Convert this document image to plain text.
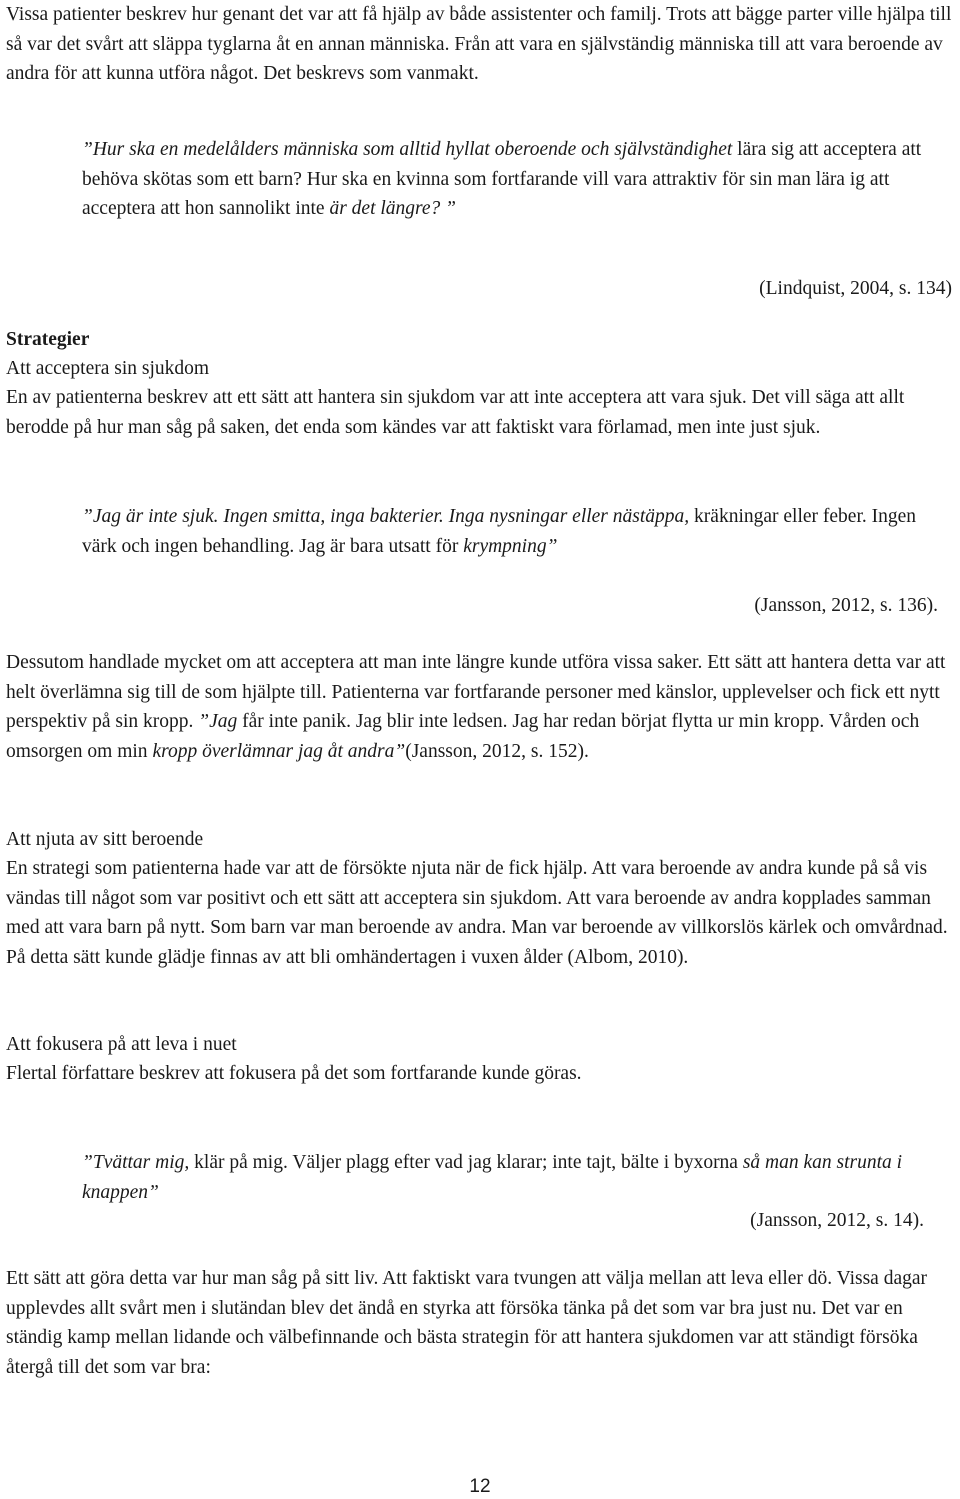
Vissa patienter beskrev hur genant det var att få hjälp av både assistenter och familj. Trots att bägge parter ville hjälpa till så var det svårt att släppa tyglarna åt en annan människa. Från att vara en självständig människa till att vara beroende av andra för att kunna utföra något. Det beskrevs som vanmakt.

”Hur ska en medelålders människa som alltid hyllat oberoende och självständighet lära sig att acceptera att behöva skötas som ett barn? Hur ska en kvinna som fortfarande vill vara attraktiv för sin man lära ig att acceptera att hon sannolikt inte är det längre? ”

(Lindquist, 2004, s. 134)

Strategier

Att acceptera sin sjukdom

En av patienterna beskrev att ett sätt att hantera sin sjukdom var att inte acceptera att vara sjuk. Det vill säga att allt berodde på hur man såg på saken, det enda som kändes var att faktiskt vara förlamad, men inte just sjuk.

”Jag är inte sjuk. Ingen smitta, inga bakterier. Inga nysningar eller nästäppa, kräkningar eller feber. Ingen värk och ingen behandling. Jag är bara utsatt för krympning”

(Jansson, 2012, s. 136).

Dessutom handlade mycket om att acceptera att man inte längre kunde utföra vissa saker. Ett sätt att hantera detta var att helt överlämna sig till de som hjälpte till. Patienterna var fortfarande personer med känslor, upplevelser och fick ett nytt perspektiv på sin kropp. ”Jag får inte panik. Jag blir inte ledsen. Jag har redan börjat flytta ur min kropp. Vården och omsorgen om min kropp överlämnar jag åt andra”(Jansson, 2012, s. 152).

Att njuta av sitt beroende

En strategi som patienterna hade var att de försökte njuta när de fick hjälp. Att vara beroende av andra kunde på så vis vändas till något som var positivt och ett sätt att acceptera sin sjukdom. Att vara beroende av andra kopplades samman med att vara barn på nytt. Som barn var man beroende av andra. Man var beroende av villkorslös kärlek och omvårdnad. På detta sätt kunde glädje finnas av att bli omhändertagen i vuxen ålder (Albom, 2010).

Att fokusera på att leva i nuet

Flertal författare beskrev att fokusera på det som fortfarande kunde göras.

”Tvättar mig, klär på mig. Väljer plagg efter vad jag klarar; inte tajt, bälte i byxorna så man kan strunta i knappen”

(Jansson, 2012, s. 14).

Ett sätt att göra detta var hur man såg på sitt liv. Att faktiskt vara tvungen att välja mellan att leva eller dö. Vissa dagar upplevdes allt svårt men i slutändan blev det ändå en styrka att försöka tänka på det som var bra just nu. Det var en ständig kamp mellan lidande och välbefinnande och bästa strategin för att hantera sjukdomen var att ständigt försöka återgå till det som var bra:

12
